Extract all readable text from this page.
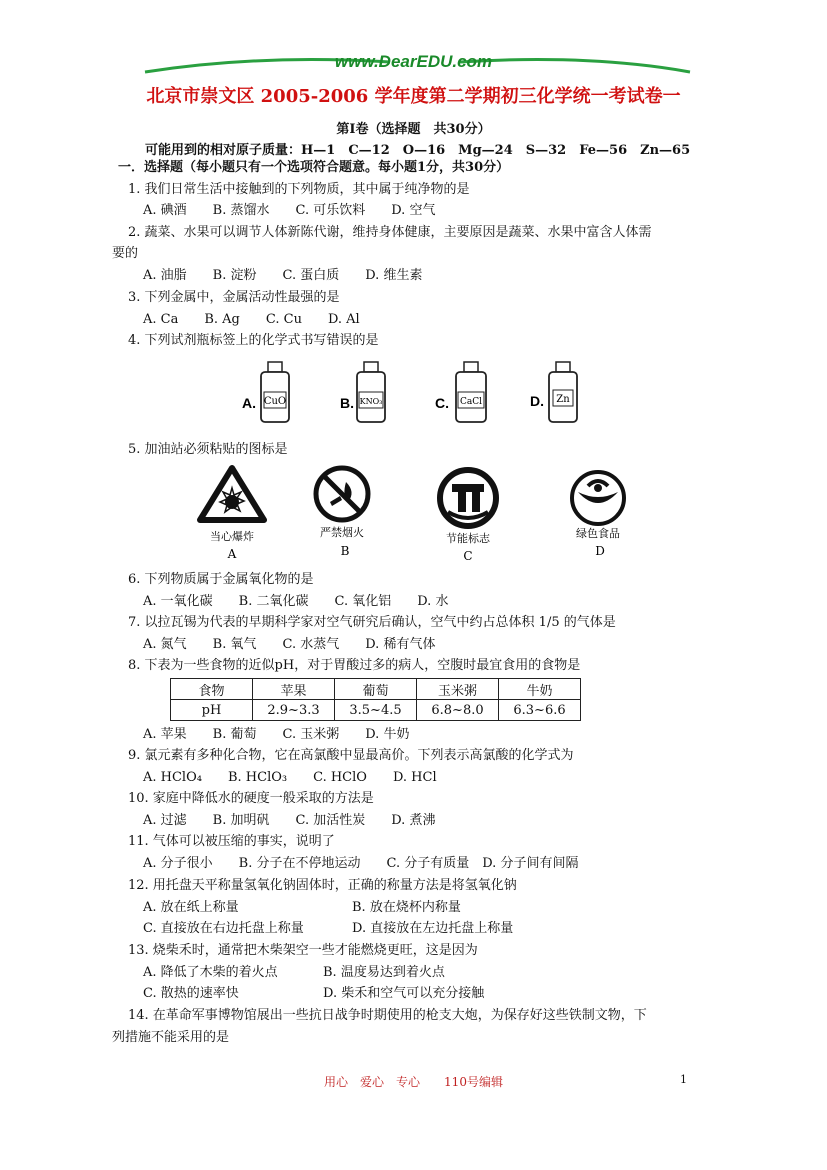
www.DearEDU.com
北京市崇文区 2005-2006 学年度第二学期初三化学统一考试卷一
第Ⅰ卷（选择题　共30分）
可能用到的相对原子质量：H—1　C—12　O—16　Mg—24　S—32　Fe—56　Zn—65
一．选择题（每小题只有一个选项符合题意。每小题1分，共30分）
1. 我们日常生活中接触到的下列物质，其中属于纯净物的是
A. 碘酒　　B. 蒸馏水　　C. 可乐饮料　　D. 空气
2. 蔬菜、水果可以调节人体新陈代谢，维持身体健康，主要原因是蔬菜、水果中富含人体需
要的
A. 油脂　　B. 淀粉　　C. 蛋白质　　D. 维生素
3. 下列金属中，金属活动性最强的是
A. Ca　　B. Ag　　C. Cu　　D. Al
4. 下列试剂瓶标签上的化学式书写错误的是
A. CuO	B. KNO₃	C. CaCl	D. Zn
5. 加油站必须粘贴的图标是
当心爆炸
A
严禁烟火
B
节能标志
C
绿色食品
D
6. 下列物质属于金属氧化物的是
A. 一氧化碳　　B. 二氧化碳　　C. 氧化铝　　D. 水
7. 以拉瓦锡为代表的早期科学家对空气研究后确认，空气中约占总体积 1/5 的气体是
A. 氮气　　B. 氧气　　C. 水蒸气　　D. 稀有气体
8. 下表为一些食物的近似pH，对于胃酸过多的病人，空腹时最宜食用的食物是
食物	苹果	葡萄	玉米粥	牛奶
pH	2.9~3.3	3.5~4.5	6.8~8.0	6.3~6.6
A. 苹果　　B. 葡萄　　C. 玉米粥　　D. 牛奶
9. 氯元素有多种化合物，它在高氯酸中显最高价。下列表示高氯酸的化学式为
A. HClO₄　　B. HClO₃　　C. HClO　　D. HCl
10. 家庭中降低水的硬度一般采取的方法是
A. 过滤　　B. 加明矾　　C. 加活性炭　　D. 煮沸
11. 气体可以被压缩的事实，说明了
A. 分子很小　　B. 分子在不停地运动　　C. 分子有质量　D. 分子间有间隔
12. 用托盘天平称量氢氧化钠固体时，正确的称量方法是将氢氧化钠
A. 放在纸上称量	B. 放在烧杯内称量
C. 直接放在右边托盘上称量	D. 直接放在左边托盘上称量
13. 烧柴禾时，通常把木柴架空一些才能燃烧更旺，这是因为
A. 降低了木柴的着火点	B. 温度易达到着火点
C. 散热的速率快	D. 柴禾和空气可以充分接触
14. 在革命军事博物馆展出一些抗日战争时期使用的枪支大炮，为保存好这些铁制文物，下
列措施不能采用的是
用心　爱心　专心　　110号编辑	1
